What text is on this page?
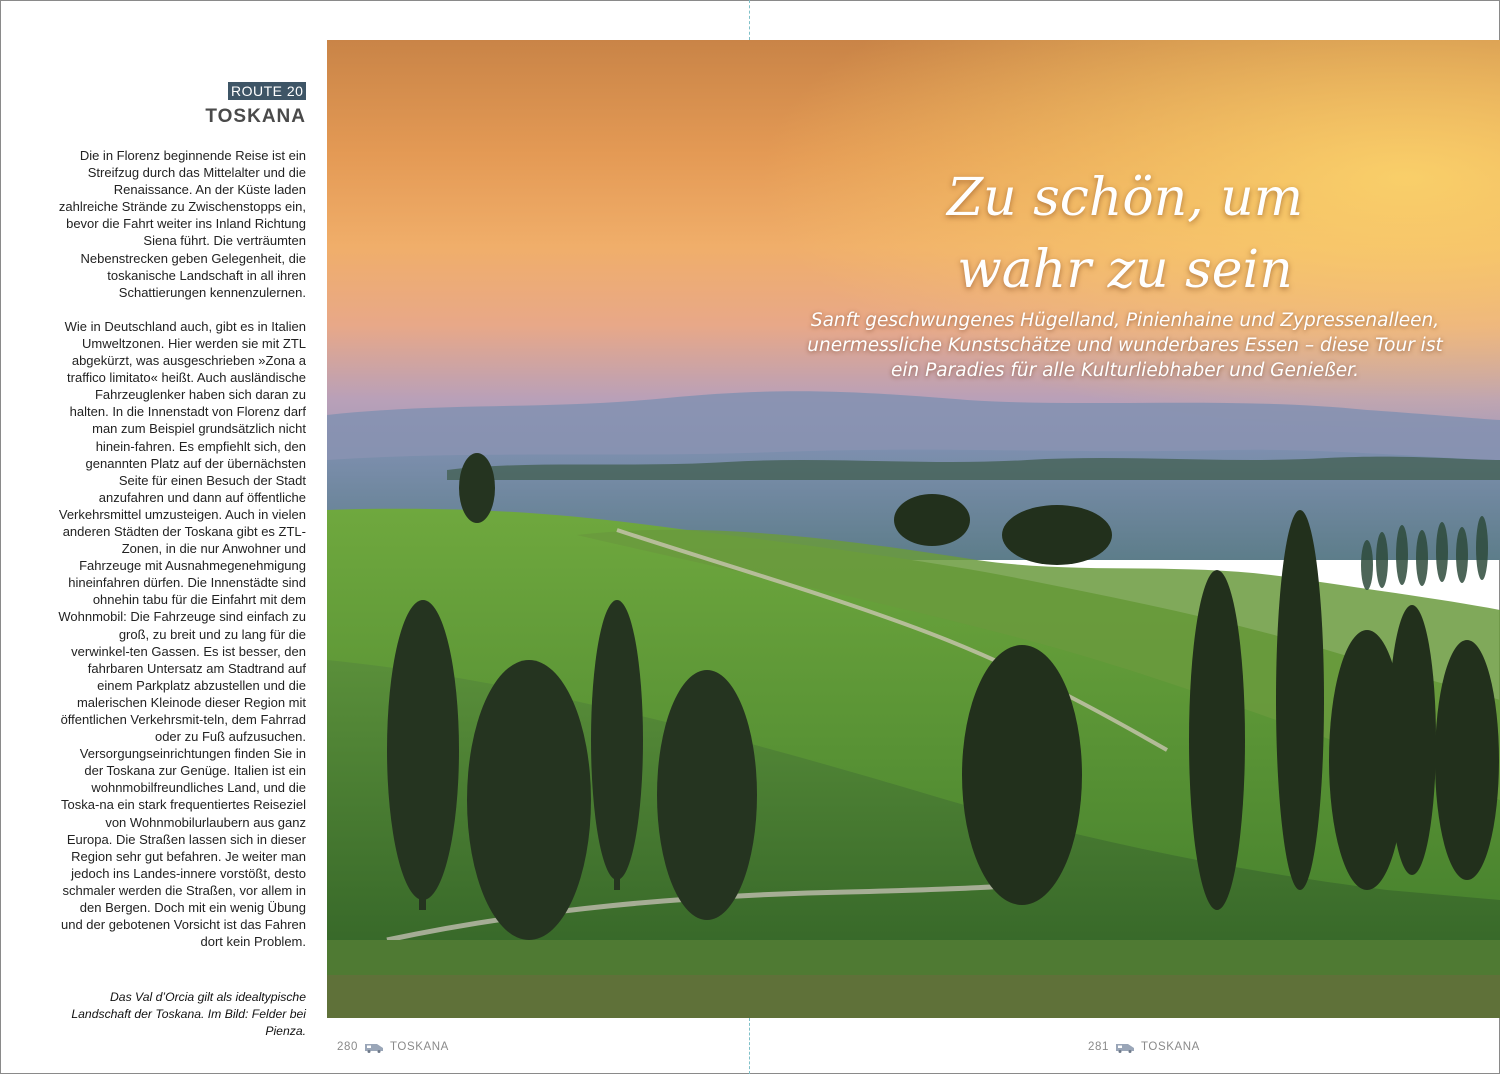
ROUTE 20
TOSKANA

Die in Florenz beginnende Reise ist ein Streifzug durch das Mittelalter und die Renaissance. An der Küste laden zahlreiche Strände zu Zwischenstopps ein, bevor die Fahrt weiter ins Inland Richtung Siena führt. Die verträumten Nebenstrecken geben Gelegenheit, die toskanische Landschaft in all ihren Schattierungen kennenzulernen.

Wie in Deutschland auch, gibt es in Italien Umweltzonen. Hier werden sie mit ZTL abgekürzt, was ausgeschrieben »Zona a traffico limitato« heißt. Auch ausländische Fahrzeuglenker haben sich daran zu halten. In die Innenstadt von Florenz darf man zum Beispiel grundsätzlich nicht hinein-fahren. Es empfiehlt sich, den genannten Platz auf der übernächsten Seite für einen Besuch der Stadt anzufahren und dann auf öffentliche Verkehrsmittel umzusteigen. Auch in vielen anderen Städten der Toskana gibt es ZTL-Zonen, in die nur Anwohner und Fahrzeuge mit Ausnahmegenehmigung hineinfahren dürfen. Die Innenstädte sind ohnehin tabu für die Einfahrt mit dem Wohnmobil: Die Fahrzeuge sind einfach zu groß, zu breit und zu lang für die verwinkel-ten Gassen. Es ist besser, den fahrbaren Untersatz am Stadtrand auf einem Parkplatz abzustellen und die malerischen Kleinode dieser Region mit öffentlichen Verkehrsmit-teln, dem Fahrrad oder zu Fuß aufzusuchen. Versorgungseinrichtungen finden Sie in der Toskana zur Genüge. Italien ist ein wohnmobilfreundliches Land, und die Toska-na ein stark frequentiertes Reiseziel von Wohnmobilurlaubern aus ganz Europa. Die Straßen lassen sich in dieser Region sehr gut befahren. Je weiter man jedoch ins Landes-innere vorstößt, desto schmaler werden die Straßen, vor allem in den Bergen. Doch mit ein wenig Übung und der gebotenen Vorsicht ist das Fahren dort kein Problem.

Das Val d’Orcia gilt als idealtypische Landschaft der Toskana. Im Bild: Felder bei Pienza.
Zu schön, um
wahr zu sein
Sanft geschwungenes Hügelland, Pinienhaine und Zypressenalleen, unermessliche Kunstschätze und wunderbares Essen – diese Tour ist ein Paradies für alle Kulturliebhaber und Genießer.
280	TOSKANA	281	TOSKANA
